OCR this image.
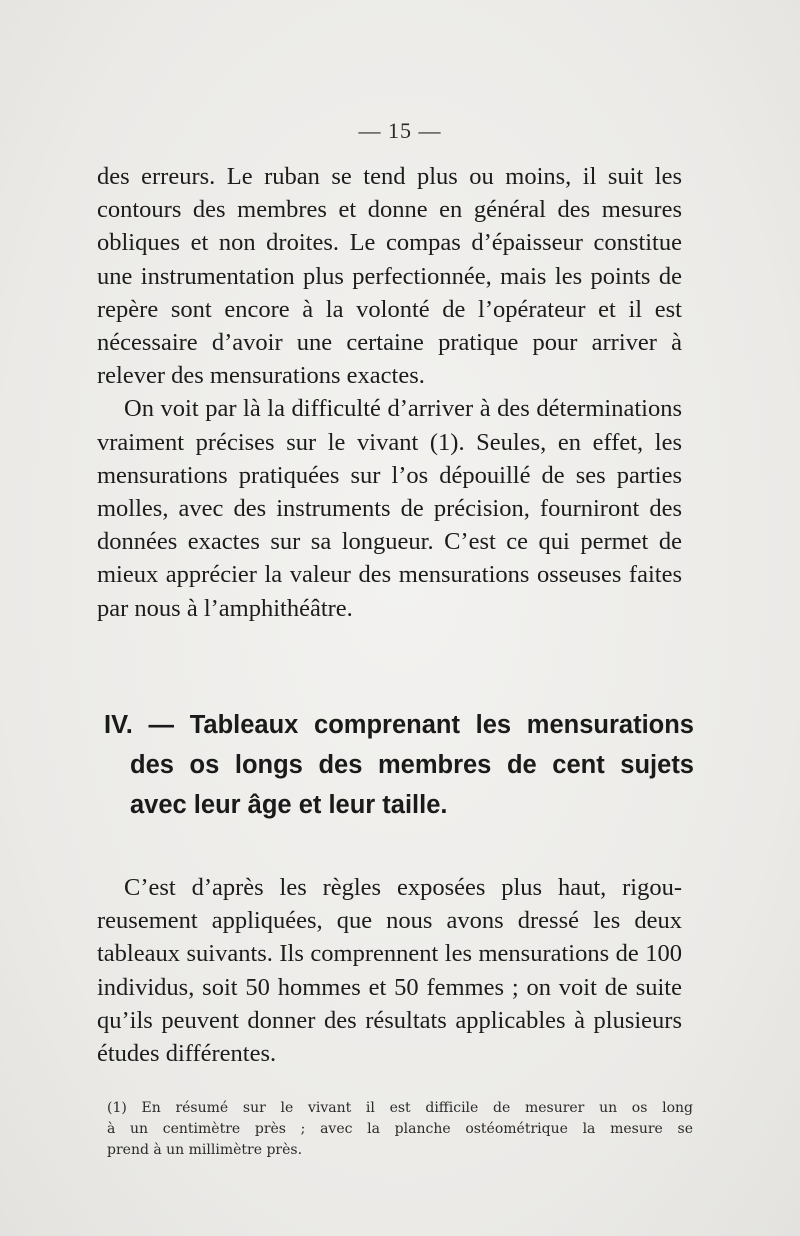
— 15 —

des erreurs. Le ruban se tend plus ou moins, il suit les contours des membres et donne en général des mesures obliques et non droites. Le compas d’épaisseur constitue une instrumentation plus perfectionnée, mais les points de repère sont encore à la volonté de l’opérateur et il est nécessaire d’avoir une certaine pratique pour arriver à relever des mensurations exactes.

On voit par là la difficulté d’arriver à des déterminations vraiment précises sur le vivant (1). Seules, en effet, les mensurations pratiquées sur l’os dépouillé de ses parties molles, avec des instruments de précision, fourniront des données exactes sur sa longueur. C’est ce qui permet de mieux apprécier la valeur des mensurations osseuses faites par nous à l’amphithéâtre.

IV. — Tableaux comprenant les mensurations
des os longs des membres de cent sujets
avec leur âge et leur taille.

C’est d’après les règles exposées plus haut, rigoureusement appliquées, que nous avons dressé les deux tableaux suivants. Ils comprennent les mensurations de 100 individus, soit 50 hommes et 50 femmes ; on voit de suite qu’ils peuvent donner des résultats applicables à plusieurs études différentes.

(1) En résumé sur le vivant il est difficile de mesurer un os long
à un centimètre près ; avec la planche ostéométrique la mesure se
prend à un millimètre près.
